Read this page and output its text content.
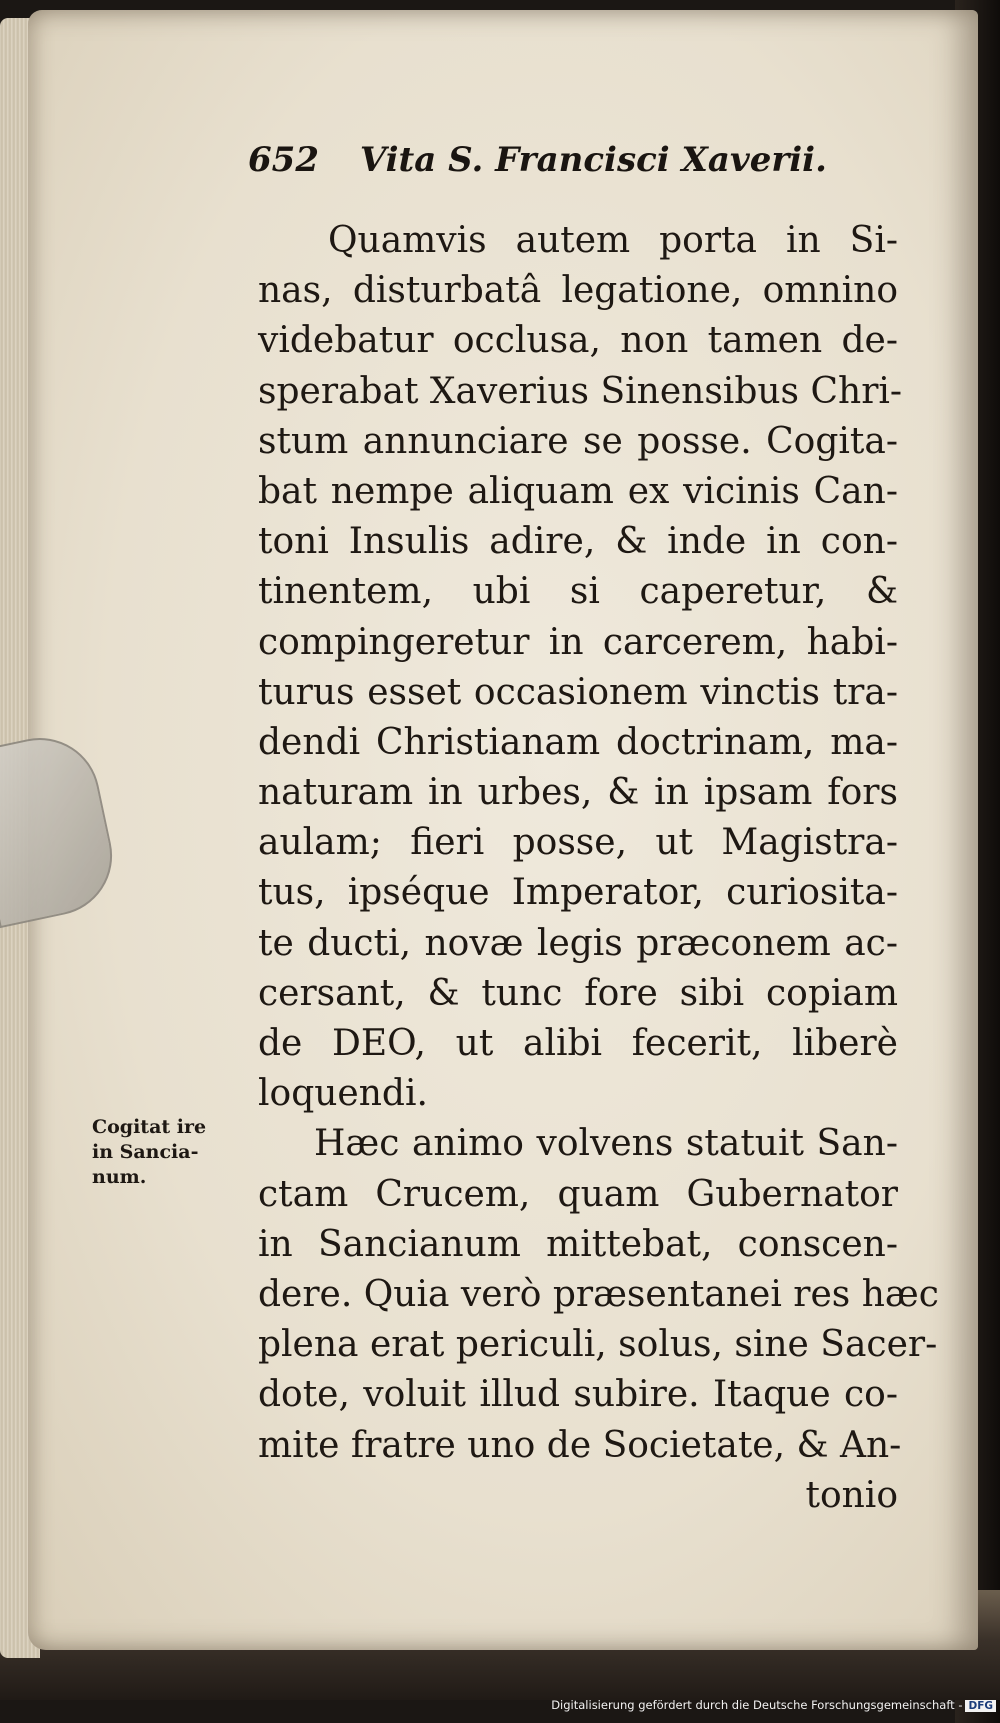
652 Vita S. Francisci Xaverii.
Quamvis autem porta in Si-
nas, disturbatâ legatione, omnino
videbatur occlusa, non tamen de-
sperabat Xaverius Sinensibus Chri-
stum annunciare se posse. Cogita-
bat nempe aliquam ex vicinis Can-
toni Insulis adire, & inde in con-
tinentem, ubi si caperetur, &
compingeretur in carcerem, habi-
turus esset occasionem vinctis tra-
dendi Christianam doctrinam, ma-
naturam in urbes, & in ipsam fors
aulam; fieri posse, ut Magistra-
tus, ipséque Imperator, curiosita-
te ducti, novæ legis præconem ac-
cersant, & tunc fore sibi copiam
de DEO, ut alibi fecerit, liberè
loquendi.
Hæc animo volvens statuit San-
ctam Crucem, quam Gubernator
in Sancianum mittebat, conscen-
dere. Quia verò præsentanei res hæc
plena erat periculi, solus, sine Sacer-
dote, voluit illud subire. Itaque co-
mite fratre uno de Societate, & An-
tonio
Cogitat ire
in Sancia-
num.
Digitalisierung gefördert durch die Deutsche Forschungsgemeinschaft - DFG
